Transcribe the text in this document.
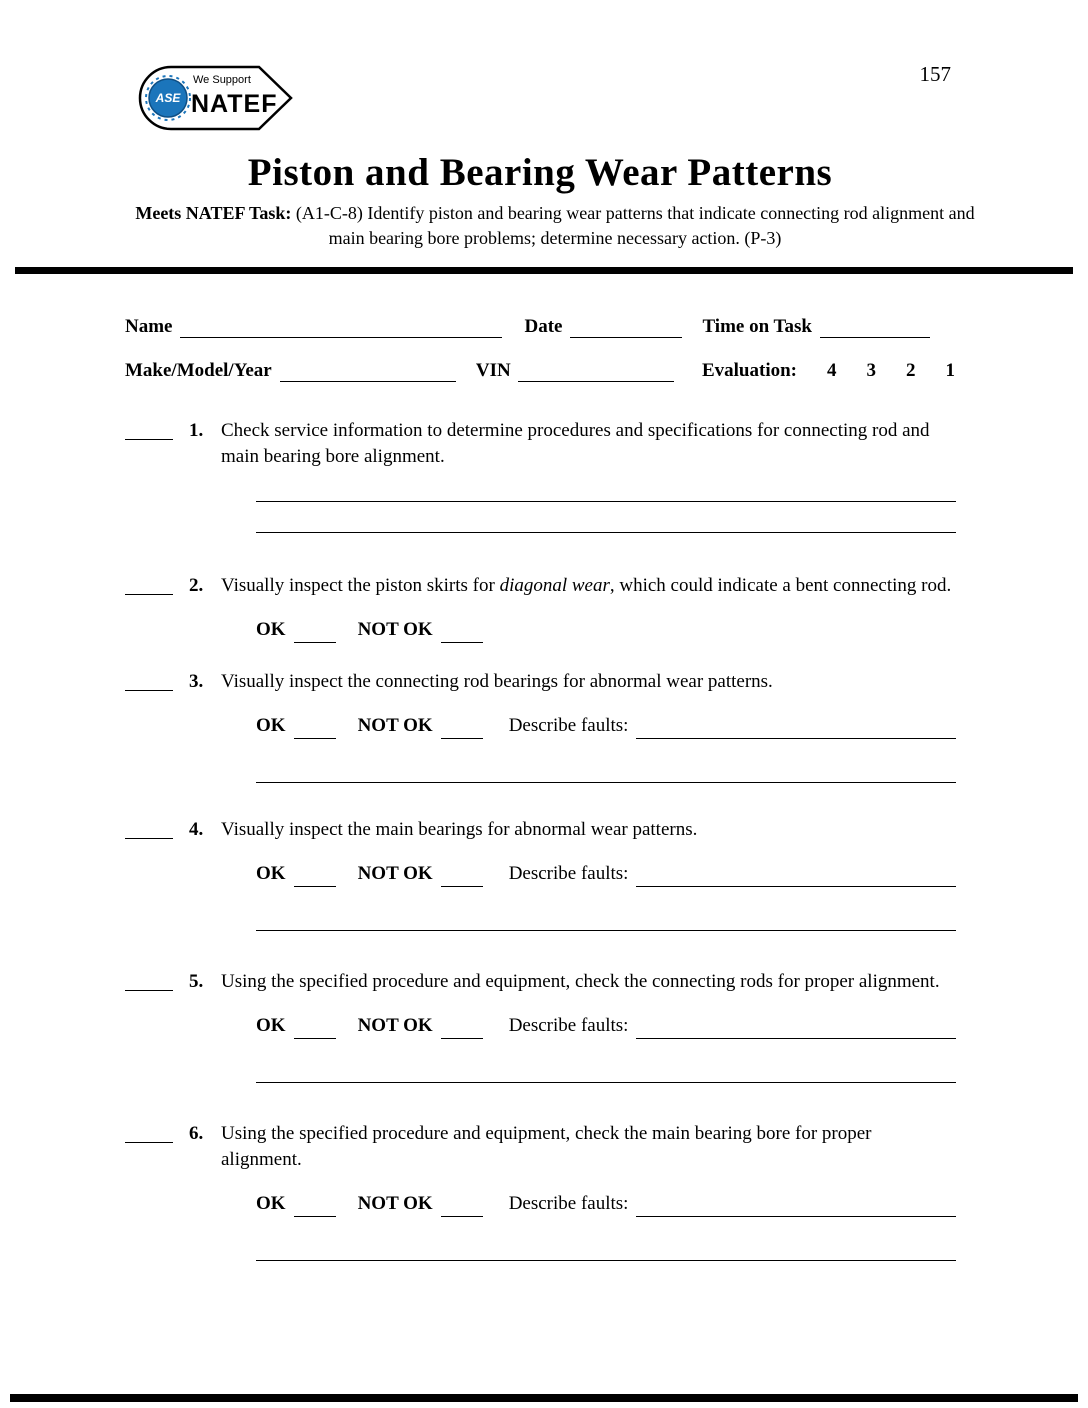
ASE
We Support
NATEF
157
Piston and Bearing Wear Patterns
Meets NATEF Task: (A1-C-8) Identify piston and bearing wear patterns that indicate connecting rod alignment and main bearing bore problems; determine necessary action. (P-3)
Name	Date	Time on Task
Make/Model/Year	VIN	Evaluation: 4 3 2 1
1. Check service information to determine procedures and specifications for connecting rod and main bearing bore alignment.
2. Visually inspect the piston skirts for diagonal wear, which could indicate a bent connecting rod.
OK	NOT OK
3. Visually inspect the connecting rod bearings for abnormal wear patterns.
OK	NOT OK	Describe faults:
4. Visually inspect the main bearings for abnormal wear patterns.
OK	NOT OK	Describe faults:
5. Using the specified procedure and equipment, check the connecting rods for proper alignment.
OK	NOT OK	Describe faults:
6. Using the specified procedure and equipment, check the main bearing bore for proper alignment.
OK	NOT OK	Describe faults:
